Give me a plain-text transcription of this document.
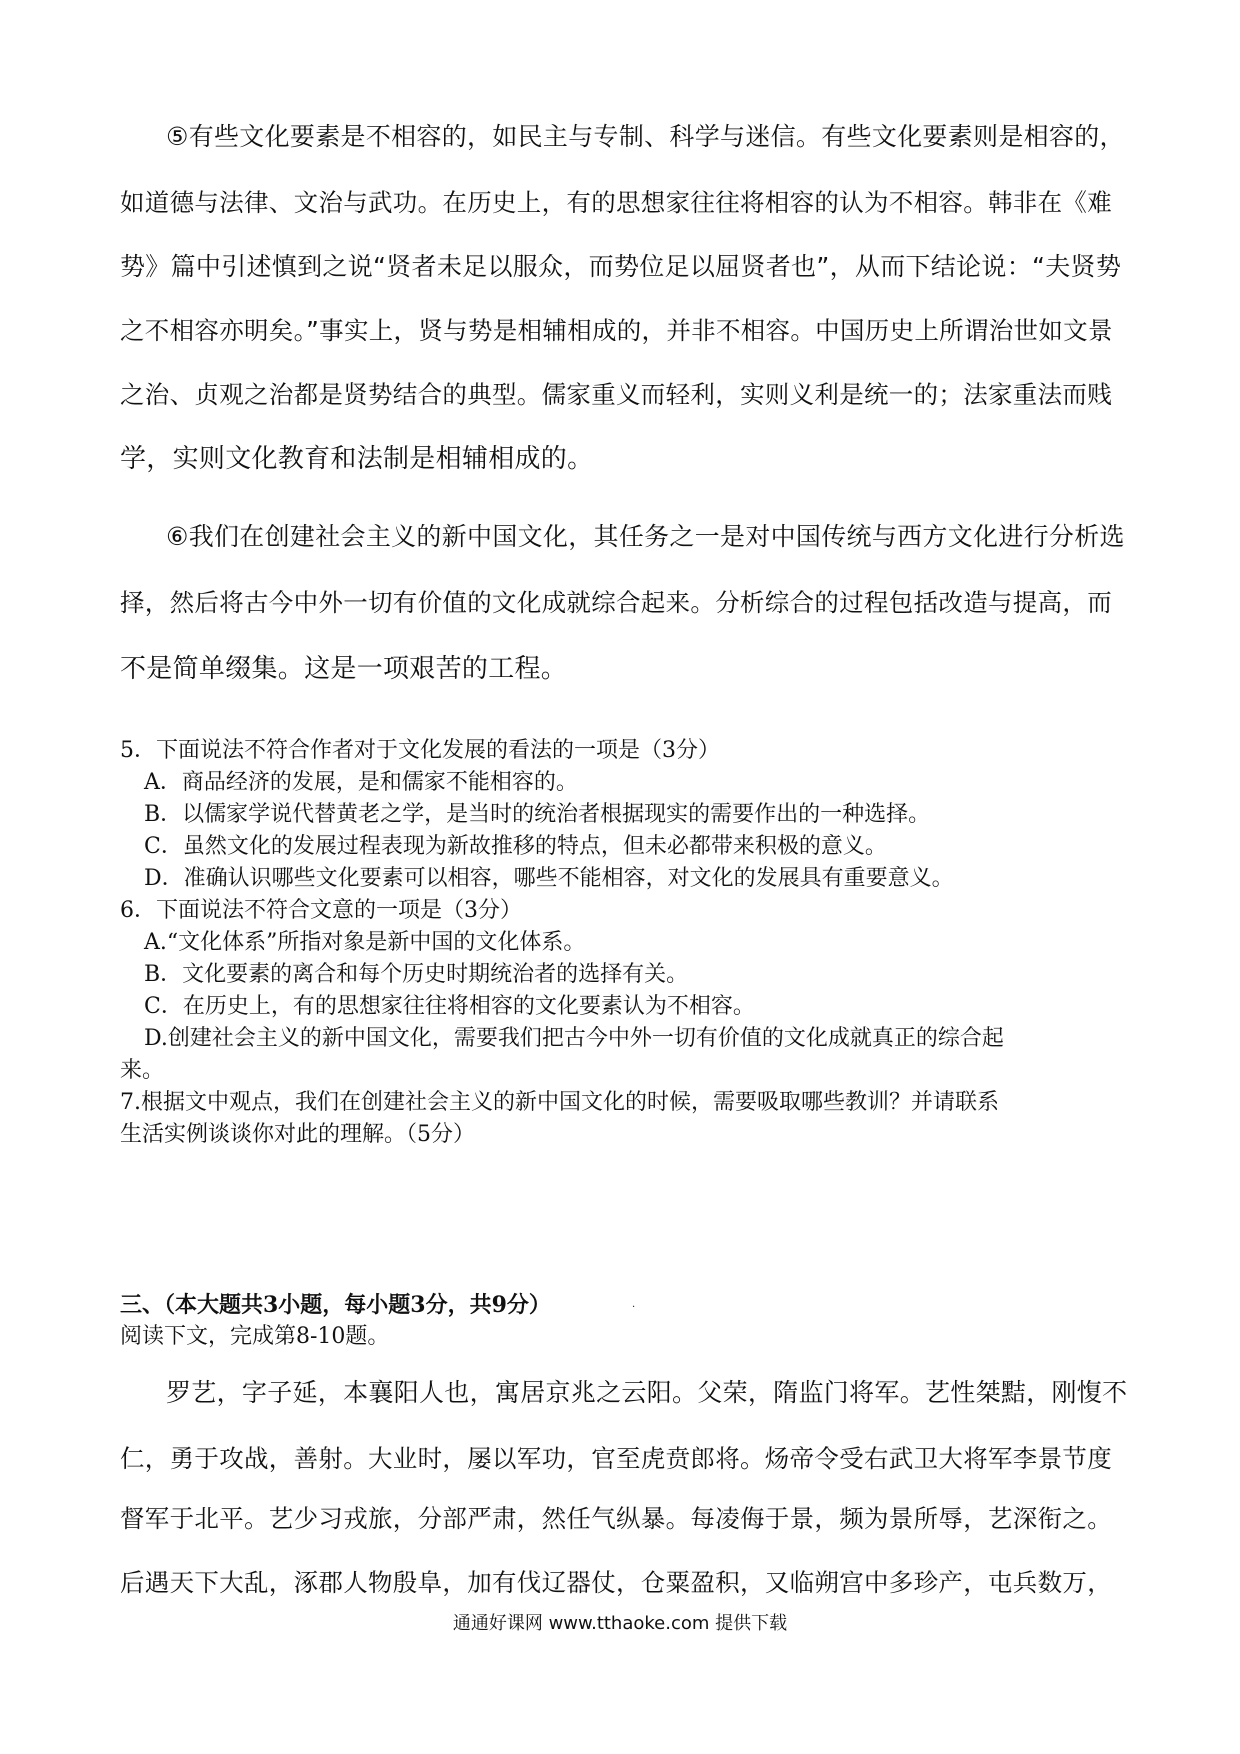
⑤有些文化要素是不相容的，如民主与专制、科学与迷信。有些文化要素则是相容的，
如道德与法律、文治与武功。在历史上，有的思想家往往将相容的认为不相容。韩非在《难
势》篇中引述慎到之说“贤者未足以服众，而势位足以屈贤者也”，从而下结论说：“夫贤势
之不相容亦明矣。”事实上，贤与势是相辅相成的，并非不相容。中国历史上所谓治世如文景
之治、贞观之治都是贤势结合的典型。儒家重义而轻利，实则义利是统一的；法家重法而贱
学，实则文化教育和法制是相辅相成的。
⑥我们在创建社会主义的新中国文化，其任务之一是对中国传统与西方文化进行分析选
择，然后将古今中外一切有价值的文化成就综合起来。分析综合的过程包括改造与提高，而
不是简单缀集。这是一项艰苦的工程。
5．下面说法不符合作者对于文化发展的看法的一项是（3分）
A．商品经济的发展，是和儒家不能相容的。
B．以儒家学说代替黄老之学，是当时的统治者根据现实的需要作出的一种选择。
C．虽然文化的发展过程表现为新故推移的特点，但未必都带来积极的意义。
D．准确认识哪些文化要素可以相容，哪些不能相容，对文化的发展具有重要意义。
6．下面说法不符合文意的一项是（3分）
A.“文化体系”所指对象是新中国的文化体系。
B．文化要素的离合和每个历史时期统治者的选择有关。
C．在历史上，有的思想家往往将相容的文化要素认为不相容。
D.创建社会主义的新中国文化，需要我们把古今中外一切有价值的文化成就真正的综合起
来。
7.根据文中观点，我们在创建社会主义的新中国文化的时候，需要吸取哪些教训？并请联系
生活实例谈谈你对此的理解。（5分）
三、（本大题共3小题，每小题3分，共9分）	.
阅读下文，完成第8-10题。
罗艺，字子延，本襄阳人也，寓居京兆之云阳。父荣，隋监门将军。艺性桀黠，刚愎不
仁，勇于攻战，善射。大业时，屡以军功，官至虎贲郎将。炀帝令受右武卫大将军李景节度
督军于北平。艺少习戎旅，分部严肃，然任气纵暴。每凌侮于景，频为景所辱，艺深衔之。
后遇天下大乱，涿郡人物殷阜，加有伐辽器仗，仓粟盈积，又临朔宫中多珍产，屯兵数万，
通通好课网 www.tthaoke.com 提供下载
